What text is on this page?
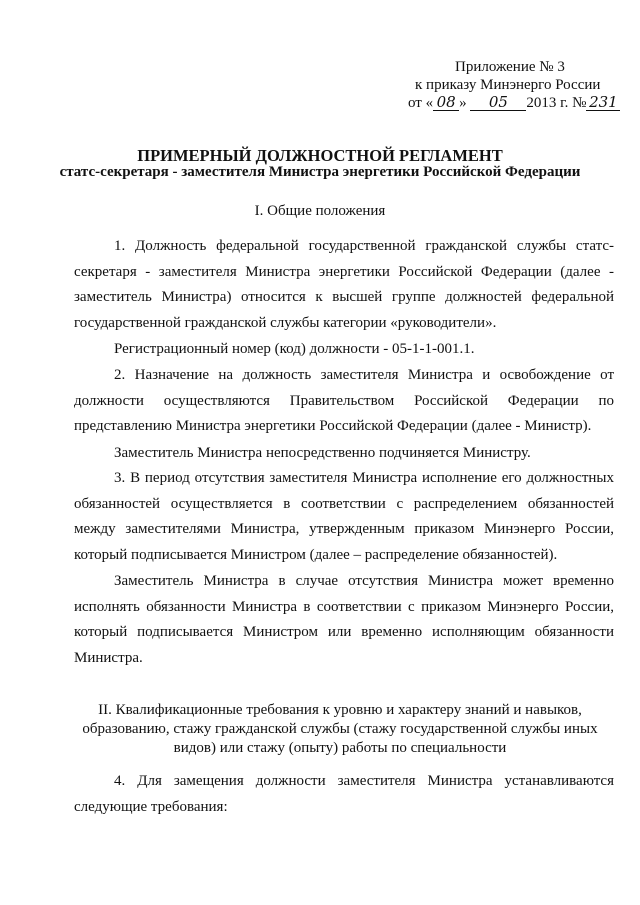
Приложение № 3
к приказу Минэнерго России
от « 08 » 05 2013 г. № 231
ПРИМЕРНЫЙ ДОЛЖНОСТНОЙ РЕГЛАМЕНТ
статс-секретаря - заместителя Министра энергетики Российской Федерации
I. Общие положения

1. Должность федеральной государственной гражданской службы статс-секретаря - заместителя Министра энергетики Российской Федерации (далее - заместитель Министра) относится к высшей группе должностей федеральной государственной гражданской службы категории «руководители».

Регистрационный номер (код) должности - 05-1-1-001.1.

2. Назначение на должность заместителя Министра и освобождение от должности осуществляются Правительством Российской Федерации по представлению Министра энергетики Российской Федерации (далее - Министр).

Заместитель Министра непосредственно подчиняется Министру.

3. В период отсутствия заместителя Министра исполнение его должностных обязанностей осуществляется в соответствии с распределением обязанностей между заместителями Министра, утвержденным приказом Минэнерго России, который подписывается Министром (далее – распределение обязанностей).

Заместитель Министра в случае отсутствия Министра может временно исполнять обязанности Министра в соответствии с приказом Минэнерго России, который подписывается Министром или временно исполняющим обязанности Министра.

II. Квалификационные требования к уровню и характеру знаний и навыков, образованию, стажу гражданской службы (стажу государственной службы иных видов) или стажу (опыту) работы по специальности

4. Для замещения должности заместителя Министра устанавливаются следующие требования:
